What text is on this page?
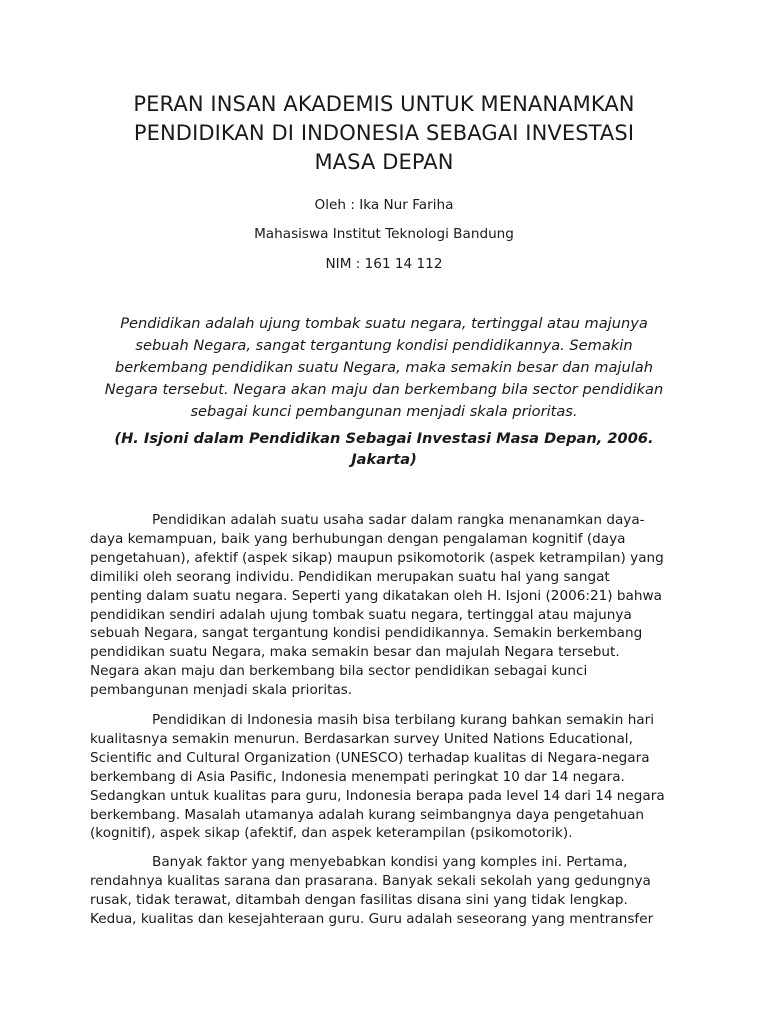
PERAN INSAN AKADEMIS UNTUK MENANAMKAN
PENDIDIKAN DI INDONESIA SEBAGAI INVESTASI
MASA DEPAN

Oleh : Ika Nur Fariha

Mahasiswa Institut Teknologi Bandung

NIM : 161 14 112

Pendidikan adalah ujung tombak suatu negara, tertinggal atau majunya
sebuah Negara, sangat tergantung kondisi pendidikannya. Semakin
berkembang pendidikan suatu Negara, maka semakin besar dan majulah
Negara tersebut. Negara akan maju dan berkembang bila sector pendidikan
sebagai kunci pembangunan menjadi skala prioritas.

(H. Isjoni dalam Pendidikan Sebagai Investasi Masa Depan, 2006.
Jakarta)

Pendidikan adalah suatu usaha sadar dalam rangka menanamkan daya-
daya kemampuan, baik yang berhubungan dengan pengalaman kognitif (daya
pengetahuan), afektif (aspek sikap) maupun psikomotorik (aspek ketrampilan) yang
dimiliki oleh seorang individu. Pendidikan merupakan suatu hal yang sangat
penting dalam suatu negara. Seperti yang dikatakan oleh H. Isjoni (2006:21) bahwa
pendidikan sendiri adalah ujung tombak suatu negara, tertinggal atau majunya
sebuah Negara, sangat tergantung kondisi pendidikannya. Semakin berkembang
pendidikan suatu Negara, maka semakin besar dan majulah Negara tersebut.
Negara akan maju dan berkembang bila sector pendidikan sebagai kunci
pembangunan menjadi skala prioritas.

Pendidikan di Indonesia masih bisa terbilang kurang bahkan semakin hari
kualitasnya semakin menurun. Berdasarkan survey United Nations Educational,
Scientific and Cultural Organization (UNESCO) terhadap kualitas di Negara-negara
berkembang di Asia Pasific, Indonesia menempati peringkat 10 dar 14 negara.
Sedangkan untuk kualitas para guru, Indonesia berapa pada level 14 dari 14 negara
berkembang. Masalah utamanya adalah kurang seimbangnya daya pengetahuan
(kognitif), aspek sikap (afektif, dan aspek keterampilan (psikomotorik).

Banyak faktor yang menyebabkan kondisi yang komples ini. Pertama,
rendahnya kualitas sarana dan prasarana. Banyak sekali sekolah yang gedungnya
rusak, tidak terawat, ditambah dengan fasilitas disana sini yang tidak lengkap.
Kedua, kualitas dan kesejahteraan guru. Guru adalah seseorang yang mentransfer
